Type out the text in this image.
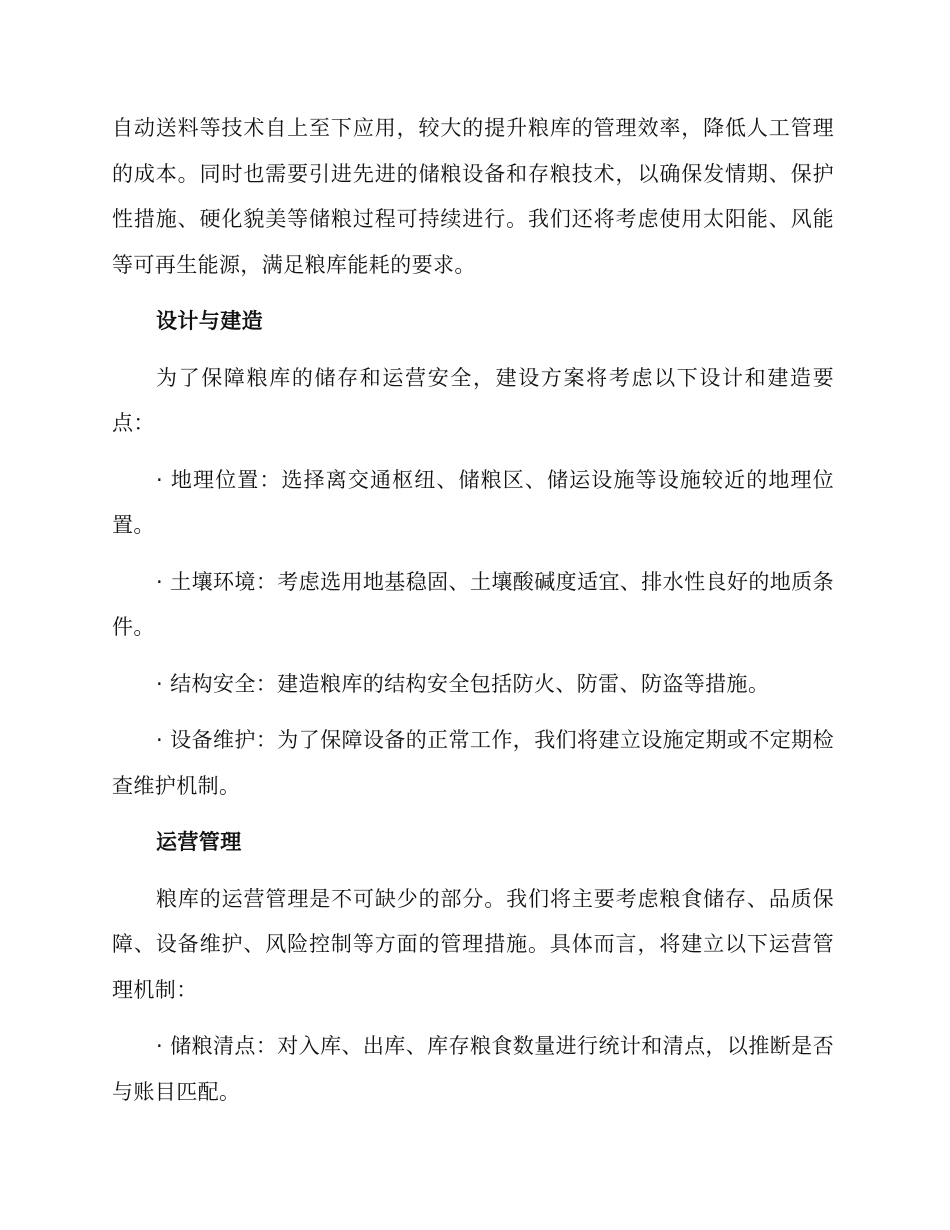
自动送料等技术自上至下应用，较大的提升粮库的管理效率，降低人工管理的成本。同时也需要引进先进的储粮设备和存粮技术，以确保发情期、保护性措施、硬化貌美等储粮过程可持续进行。我们还将考虑使用太阳能、风能等可再生能源，满足粮库能耗的要求。

设计与建造

为了保障粮库的储存和运营安全，建设方案将考虑以下设计和建造要点：

· 地理位置：选择离交通枢纽、储粮区、储运设施等设施较近的地理位置。

· 土壤环境：考虑选用地基稳固、土壤酸碱度适宜、排水性良好的地质条件。

· 结构安全：建造粮库的结构安全包括防火、防雷、防盗等措施。

· 设备维护：为了保障设备的正常工作，我们将建立设施定期或不定期检查维护机制。

运营管理

粮库的运营管理是不可缺少的部分。我们将主要考虑粮食储存、品质保障、设备维护、风险控制等方面的管理措施。具体而言，将建立以下运营管理机制：

· 储粮清点：对入库、出库、库存粮食数量进行统计和清点，以推断是否与账目匹配。
